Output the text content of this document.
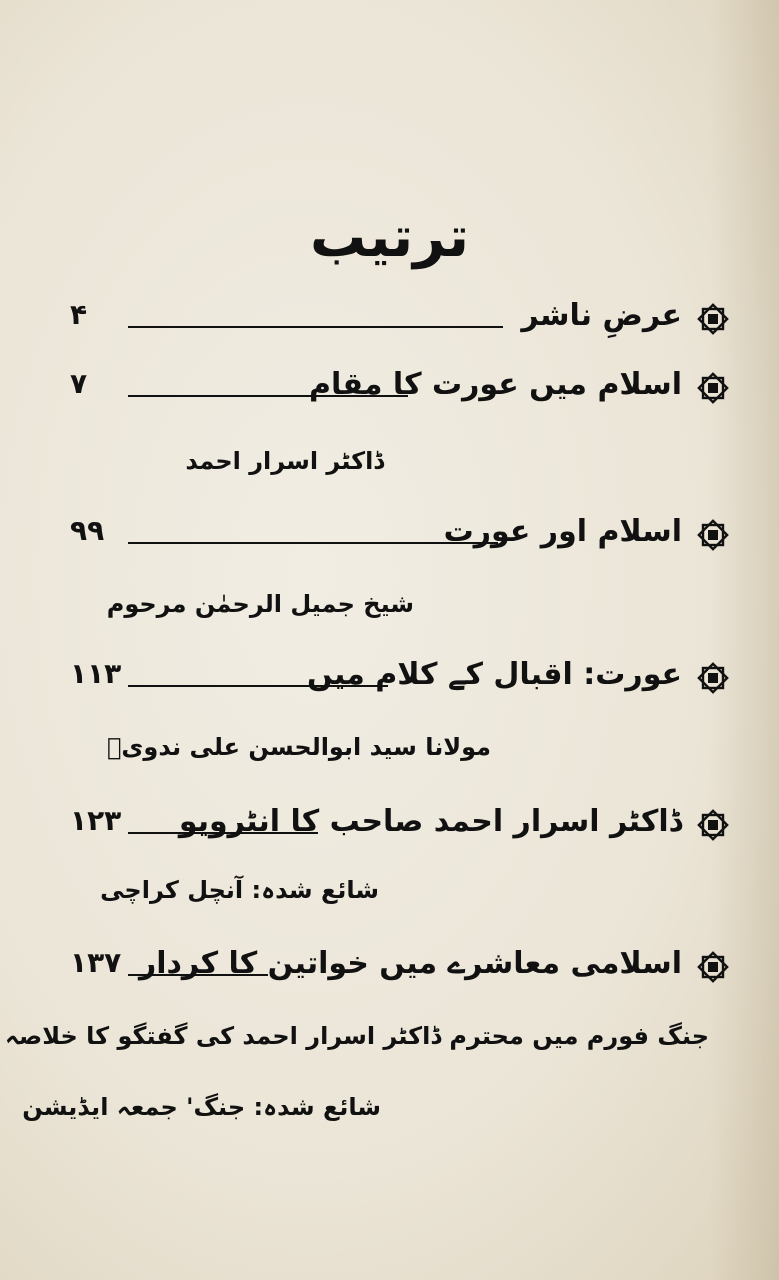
ترتیب
عرضِ ناشر
۴
اسلام میں عورت کا مقام
۷
ڈاکٹر اسرار احمد
اسلام اور عورت
۹۹
شیخ جمیل الرحمٰن مرحوم
عورت: اقبال کے کلام میں
۱۱۳
مولانا سید ابوالحسن علی ندویؒ
ڈاکٹر اسرار احمد صاحب کا انٹرویو
۱۲۳
شائع شدہ: آنچل کراچی
اسلامی معاشرے میں خواتین کا کردار
۱۳۷
جنگ فورم میں محترم ڈاکٹر اسرار احمد کی گفتگو کا خلاصہ
شائع شدہ: جنگ' جمعہ ایڈیشن
